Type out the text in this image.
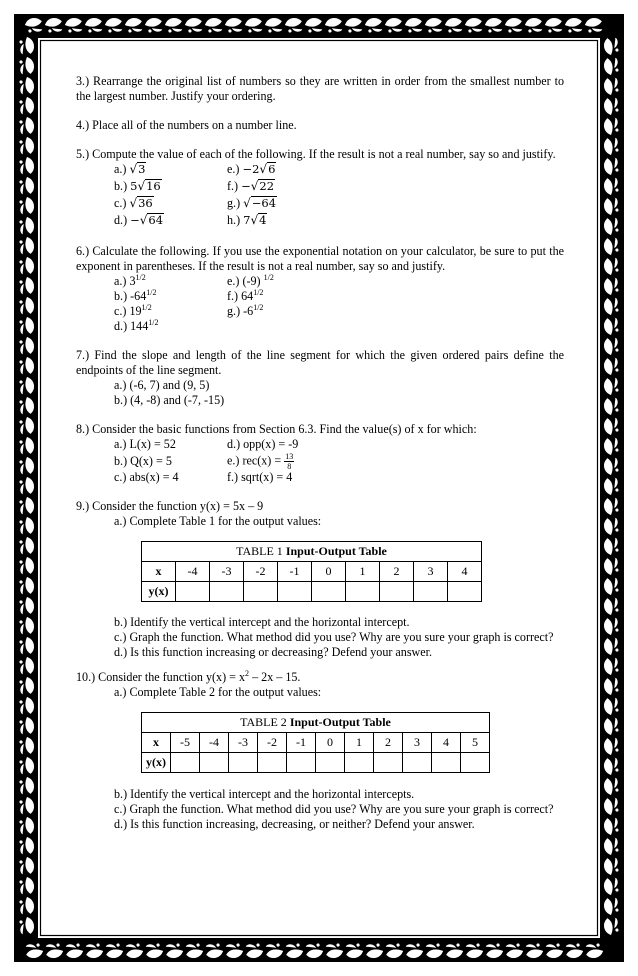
3.) Rearrange the original list of numbers so they are written in order from the smallest number to the largest number. Justify your ordering.

4.) Place all of the numbers on a number line.

5.) Compute the value of each of the following. If the result is not a real number, say so and justify.

a.) √3	e.) −2√6
b.) 5√16	f.) −√22
c.) √36	g.) √−64
d.) −√64	h.) 7√4

6.) Calculate the following. If you use the exponential notation on your calculator, be sure to put the exponent in parentheses. If the result is not a real number, say so and justify.

a.) $3^{1/2}$	e.) (-9) $^{1/2}$
b.) $-64^{1/2}$	f.) $64^{1/2}$
c.) $19^{1/2}$	g.) $-6^{1/2}$
d.) $144^{1/2}$

7.) Find the slope and length of the line segment for which the given ordered pairs define the endpoints of the line segment.

a.) (-6, 7) and (9, 5)

b.) (4, -8) and (-7, -15)

8.) Consider the basic functions from Section 6.3. Find the value(s) of x for which:

a.) L(x) = 52	d.) opp(x) = -9
b.) Q(x) = 5	e.) $rec(x) = \frac{13}{8}$
c.) abs(x) = 4	f.) sqrt(x) = 4

9.) Consider the function y(x) = 5x – 9

a.) Complete Table 1 for the output values:

TABLE 1 Input-Output Table									
x	-4	-3	-2	-1	0	1	2	3	4
y(x)									

b.) Identify the vertical intercept and the horizontal intercept.

c.) Graph the function. What method did you use? Why are you sure your graph is correct?

d.) Is this function increasing or decreasing? Defend your answer.

10.) Consider the function $y(x) = x^2 - 2x - 15$.

a.) Complete Table 2 for the output values:

TABLE 2 Input-Output Table											
x	-5	-4	-3	-2	-1	0	1	2	3	4	5
y(x)											

b.) Identify the vertical intercept and the horizontal intercepts.

c.) Graph the function. What method did you use? Why are you sure your graph is correct?

d.) Is this function increasing, decreasing, or neither? Defend your answer.
